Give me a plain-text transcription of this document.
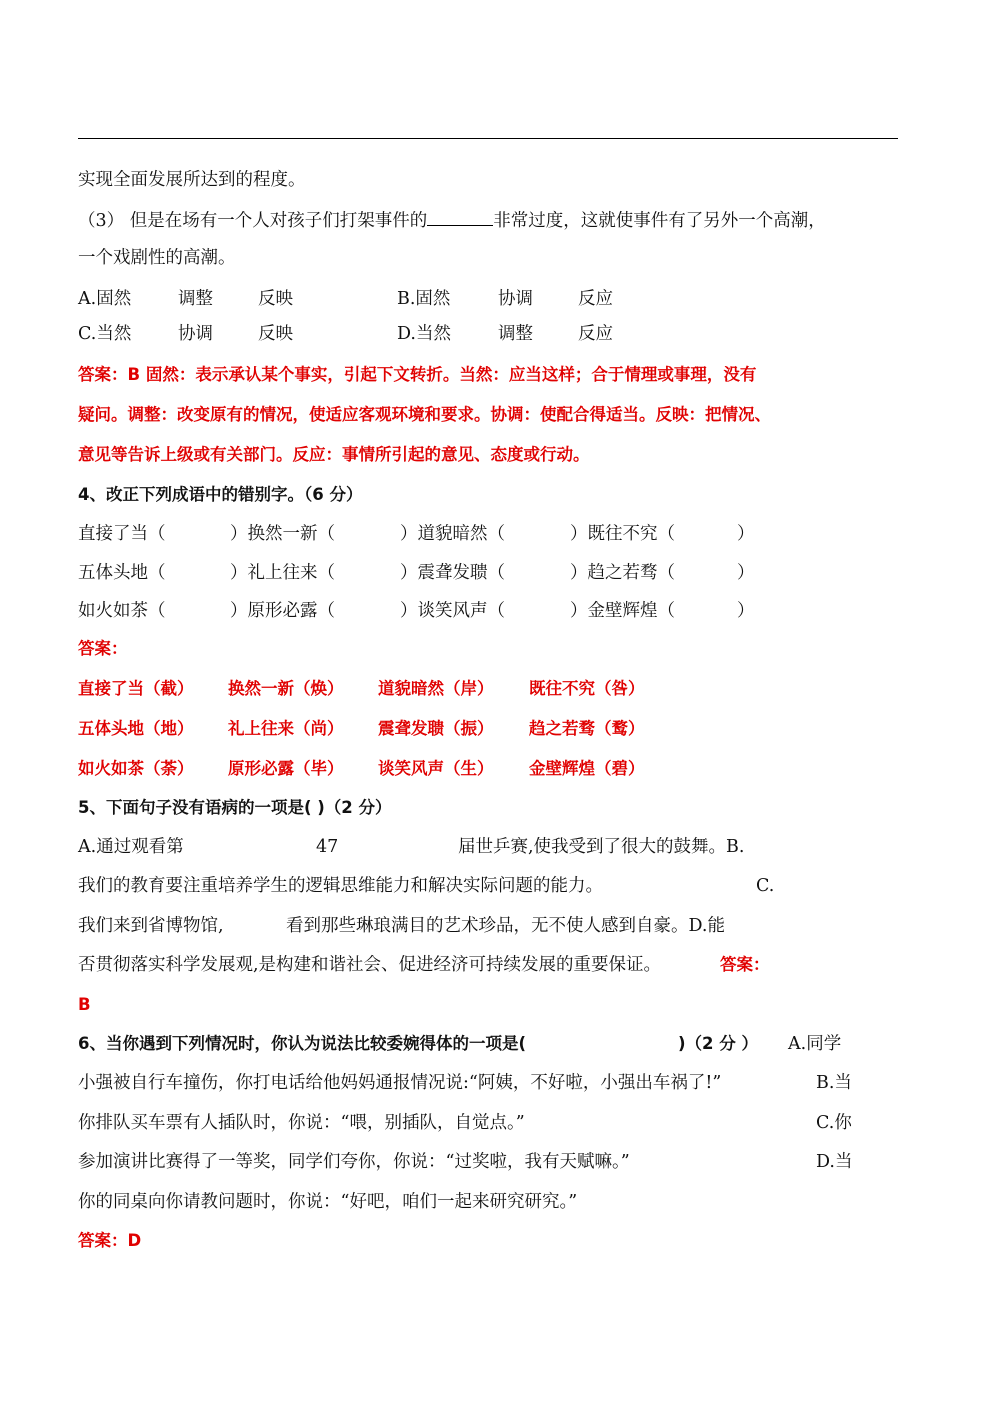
实现全面发展所达到的程度。
（3） 但是在场有一个人对孩子们打架事件的	非常过度，这就使事件有了另外一个高潮，
一个戏剧性的高潮。
A.固然	调整	反映	B.固然	协调	反应
C.当然	协调	反映	D.当然	调整	反应
答案：B 固然：表示承认某个事实，引起下文转折。当然：应当这样；合于情理或事理，没有
疑问。调整：改变原有的情况，使适应客观环境和要求。协调：使配合得适当。反映：把情况、
意见等告诉上级或有关部门。反应：事情所引起的意见、态度或行动。
4、改正下列成语中的错别字。（6 分）
直接了当（	）换然一新（	）道貌暗然（	）既往不究（	）
五体头地（	）礼上往来（	）震聋发聩（	）趋之若骛（	）
如火如茶（	）原形必露（	）谈笑风声（	）金壁辉煌（	）
答案：
直接了当（截） 换然一新（焕） 道貌暗然（岸） 既往不究（咎）
五体头地（地） 礼上往来（尚） 震聋发聩（振） 趋之若骛（鹜）
如火如茶（荼） 原形必露（毕） 谈笑风声（生） 金壁辉煌（碧）
5、下面句子没有语病的一项是( )（2 分）
A.通过观看第	47	届世乒赛,使我受到了很大的鼓舞。B.
我们的教育要注重培养学生的逻辑思维能力和解决实际问题的能力。	C.
我们来到省博物馆,	看到那些琳琅满目的艺术珍品，无不使人感到自豪。D.能
否贯彻落实科学发展观,是构建和谐社会、促进经济可持续发展的重要保证。	答案：
B
6、当你遇到下列情况时，你认为说法比较委婉得体的一项是(	)（2 分 ） A.同学
小强被自行车撞伤，你打电话给他妈妈通报情况说:“阿姨，不好啦，小强出车祸了!”	B.当
你排队买车票有人插队时，你说：“喂，别插队，自觉点。”	C.你
参加演讲比赛得了一等奖，同学们夸你，你说：“过奖啦，我有天赋嘛。”	D.当
你的同桌向你请教问题时，你说：“好吧，咱们一起来研究研究。”
答案：D
